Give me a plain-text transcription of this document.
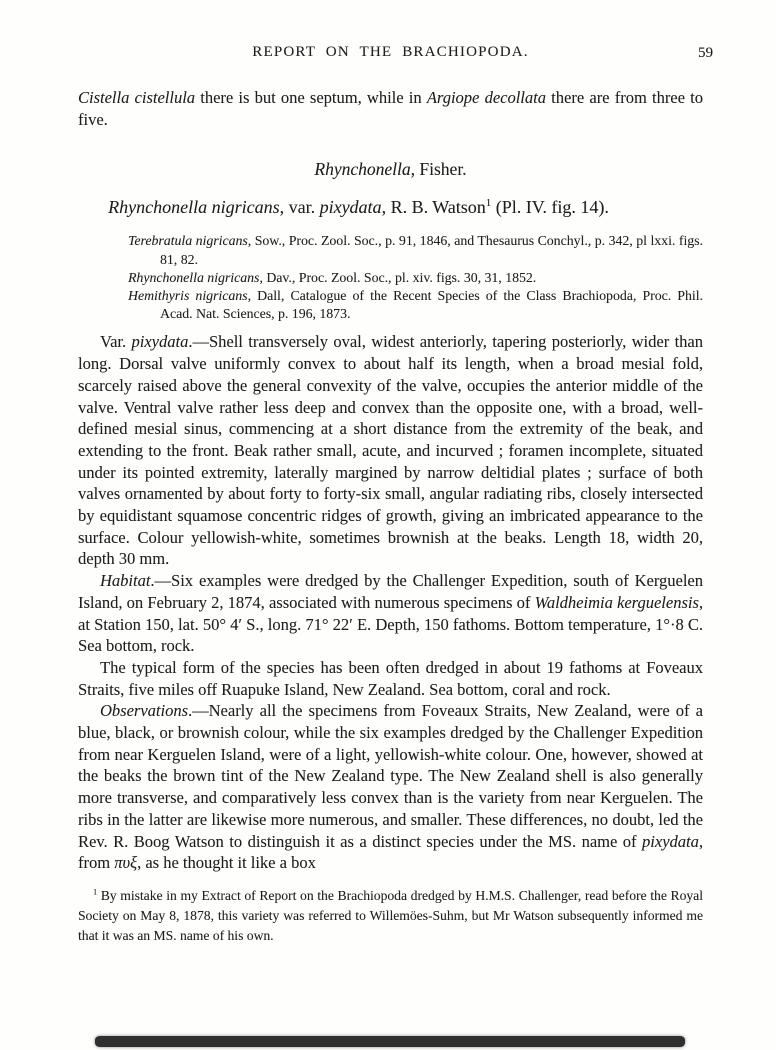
REPORT ON THE BRACHIOPODA.	59

Cistella cistellula there is but one septum, while in Argiope decollata there are from three to five.

Rhynchonella, Fisher.
Rhynchonella nigricans, var. pixydata, R. B. Watson$^1$ (Pl. IV. fig. 14).

Terebratula nigricans, Sow., Proc. Zool. Soc., p. 91, 1846, and Thesaurus Conchyl., p. 342, pl lxxi. figs. 81, 82.

Rhynchonella nigricans, Dav., Proc. Zool. Soc., pl. xiv. figs. 30, 31, 1852.

Hemithyris nigricans, Dall, Catalogue of the Recent Species of the Class Brachiopoda, Proc. Phil. Acad. Nat. Sciences, p. 196, 1873.

Var. pixydata.—Shell transversely oval, widest anteriorly, tapering posteriorly, wider than long. Dorsal valve uniformly convex to about half its length, when a broad mesial fold, scarcely raised above the general convexity of the valve, occupies the anterior middle of the valve. Ventral valve rather less deep and convex than the opposite one, with a broad, well-defined mesial sinus, commencing at a short distance from the extremity of the beak, and extending to the front. Beak rather small, acute, and incurved ; foramen incomplete, situated under its pointed extremity, laterally margined by narrow deltidial plates ; surface of both valves ornamented by about forty to forty-six small, angular radiating ribs, closely intersected by equidistant squamose concentric ridges of growth, giving an imbricated appearance to the surface. Colour yellowish-white, sometimes brownish at the beaks. Length 18, width 20, depth 30 mm.

Habitat.—Six examples were dredged by the Challenger Expedition, south of Kerguelen Island, on February 2, 1874, associated with numerous specimens of Waldheimia kerguelensis, at Station 150, lat. 50° 4′ S., long. 71° 22′ E. Depth, 150 fathoms. Bottom temperature, 1°·8 C. Sea bottom, rock.

The typical form of the species has been often dredged in about 19 fathoms at Foveaux Straits, five miles off Ruapuke Island, New Zealand. Sea bottom, coral and rock.

Observations.—Nearly all the specimens from Foveaux Straits, New Zealand, were of a blue, black, or brownish colour, while the six examples dredged by the Challenger Expedition from near Kerguelen Island, were of a light, yellowish-white colour. One, however, showed at the beaks the brown tint of the New Zealand type. The New Zealand shell is also generally more transverse, and comparatively less convex than is the variety from near Kerguelen. The ribs in the latter are likewise more numerous, and smaller. These differences, no doubt, led the Rev. R. Boog Watson to distinguish it as a distinct species under the MS. name of pixydata, from πυξ, as he thought it like a box

$^1$ By mistake in my Extract of Report on the Brachiopoda dredged by H.M.S. Challenger, read before the Royal Society on May 8, 1878, this variety was referred to Willemöes-Suhm, but Mr Watson subsequently informed me that it was an MS. name of his own.
